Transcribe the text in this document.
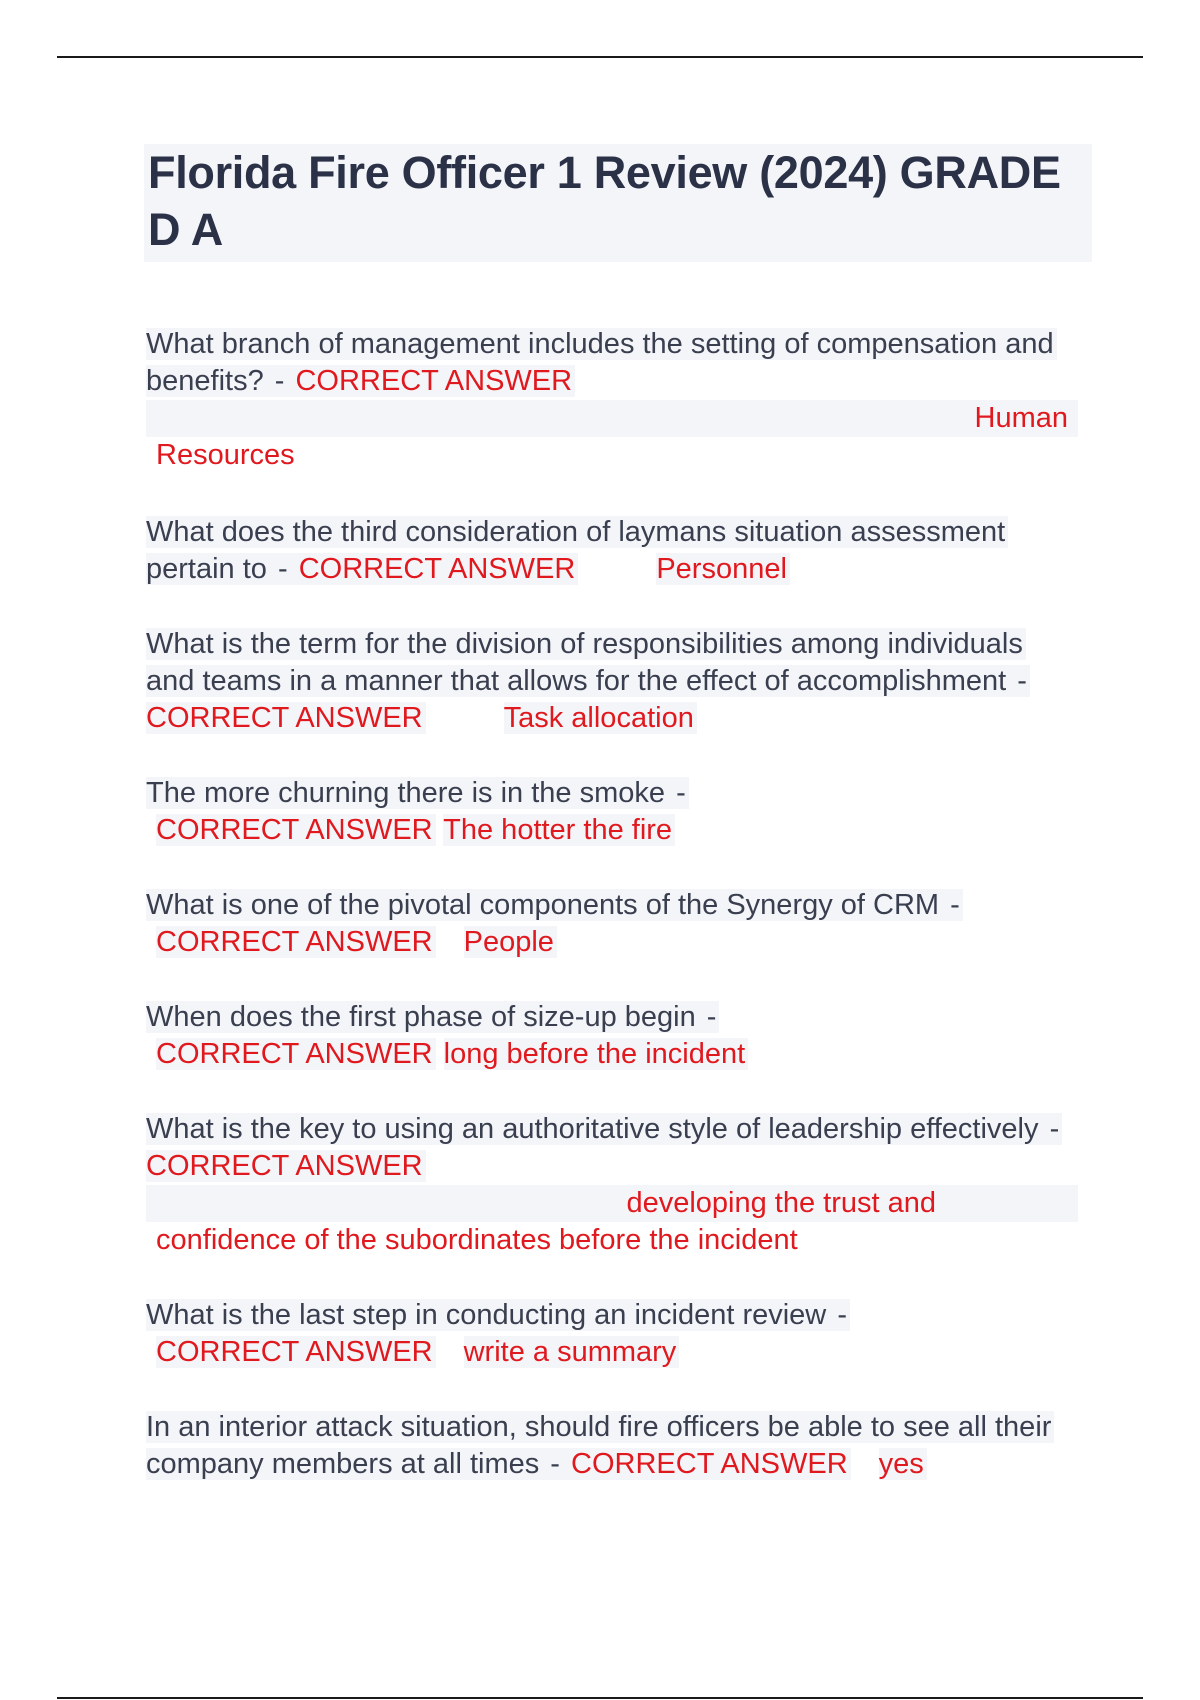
Florida Fire Officer 1 Review (2024) GRADED A

What branch of management includes the setting of compensation and benefits? - CORRECT ANSWER
Human
Resources

What does the third consideration of laymans situation assessment pertain to - CORRECT ANSWER	Personnel

What is the term for the division of responsibilities among individuals and teams in a manner that allows for the effect of accomplishment - CORRECT ANSWER	Task allocation

The more churning there is in the smoke -
CORRECT ANSWER The hotter the fire

What is one of the pivotal components of the Synergy of CRM -
CORRECT ANSWER People

When does the first phase of size-up begin -
CORRECT ANSWER long before the incident

What is the key to using an authoritative style of leadership effectively - CORRECT ANSWER
developing the trust and
confidence of the subordinates before the incident

What is the last step in conducting an incident review -
CORRECT ANSWER write a summary

In an interior attack situation, should fire officers be able to see all their company members at all times - CORRECT ANSWER yes
